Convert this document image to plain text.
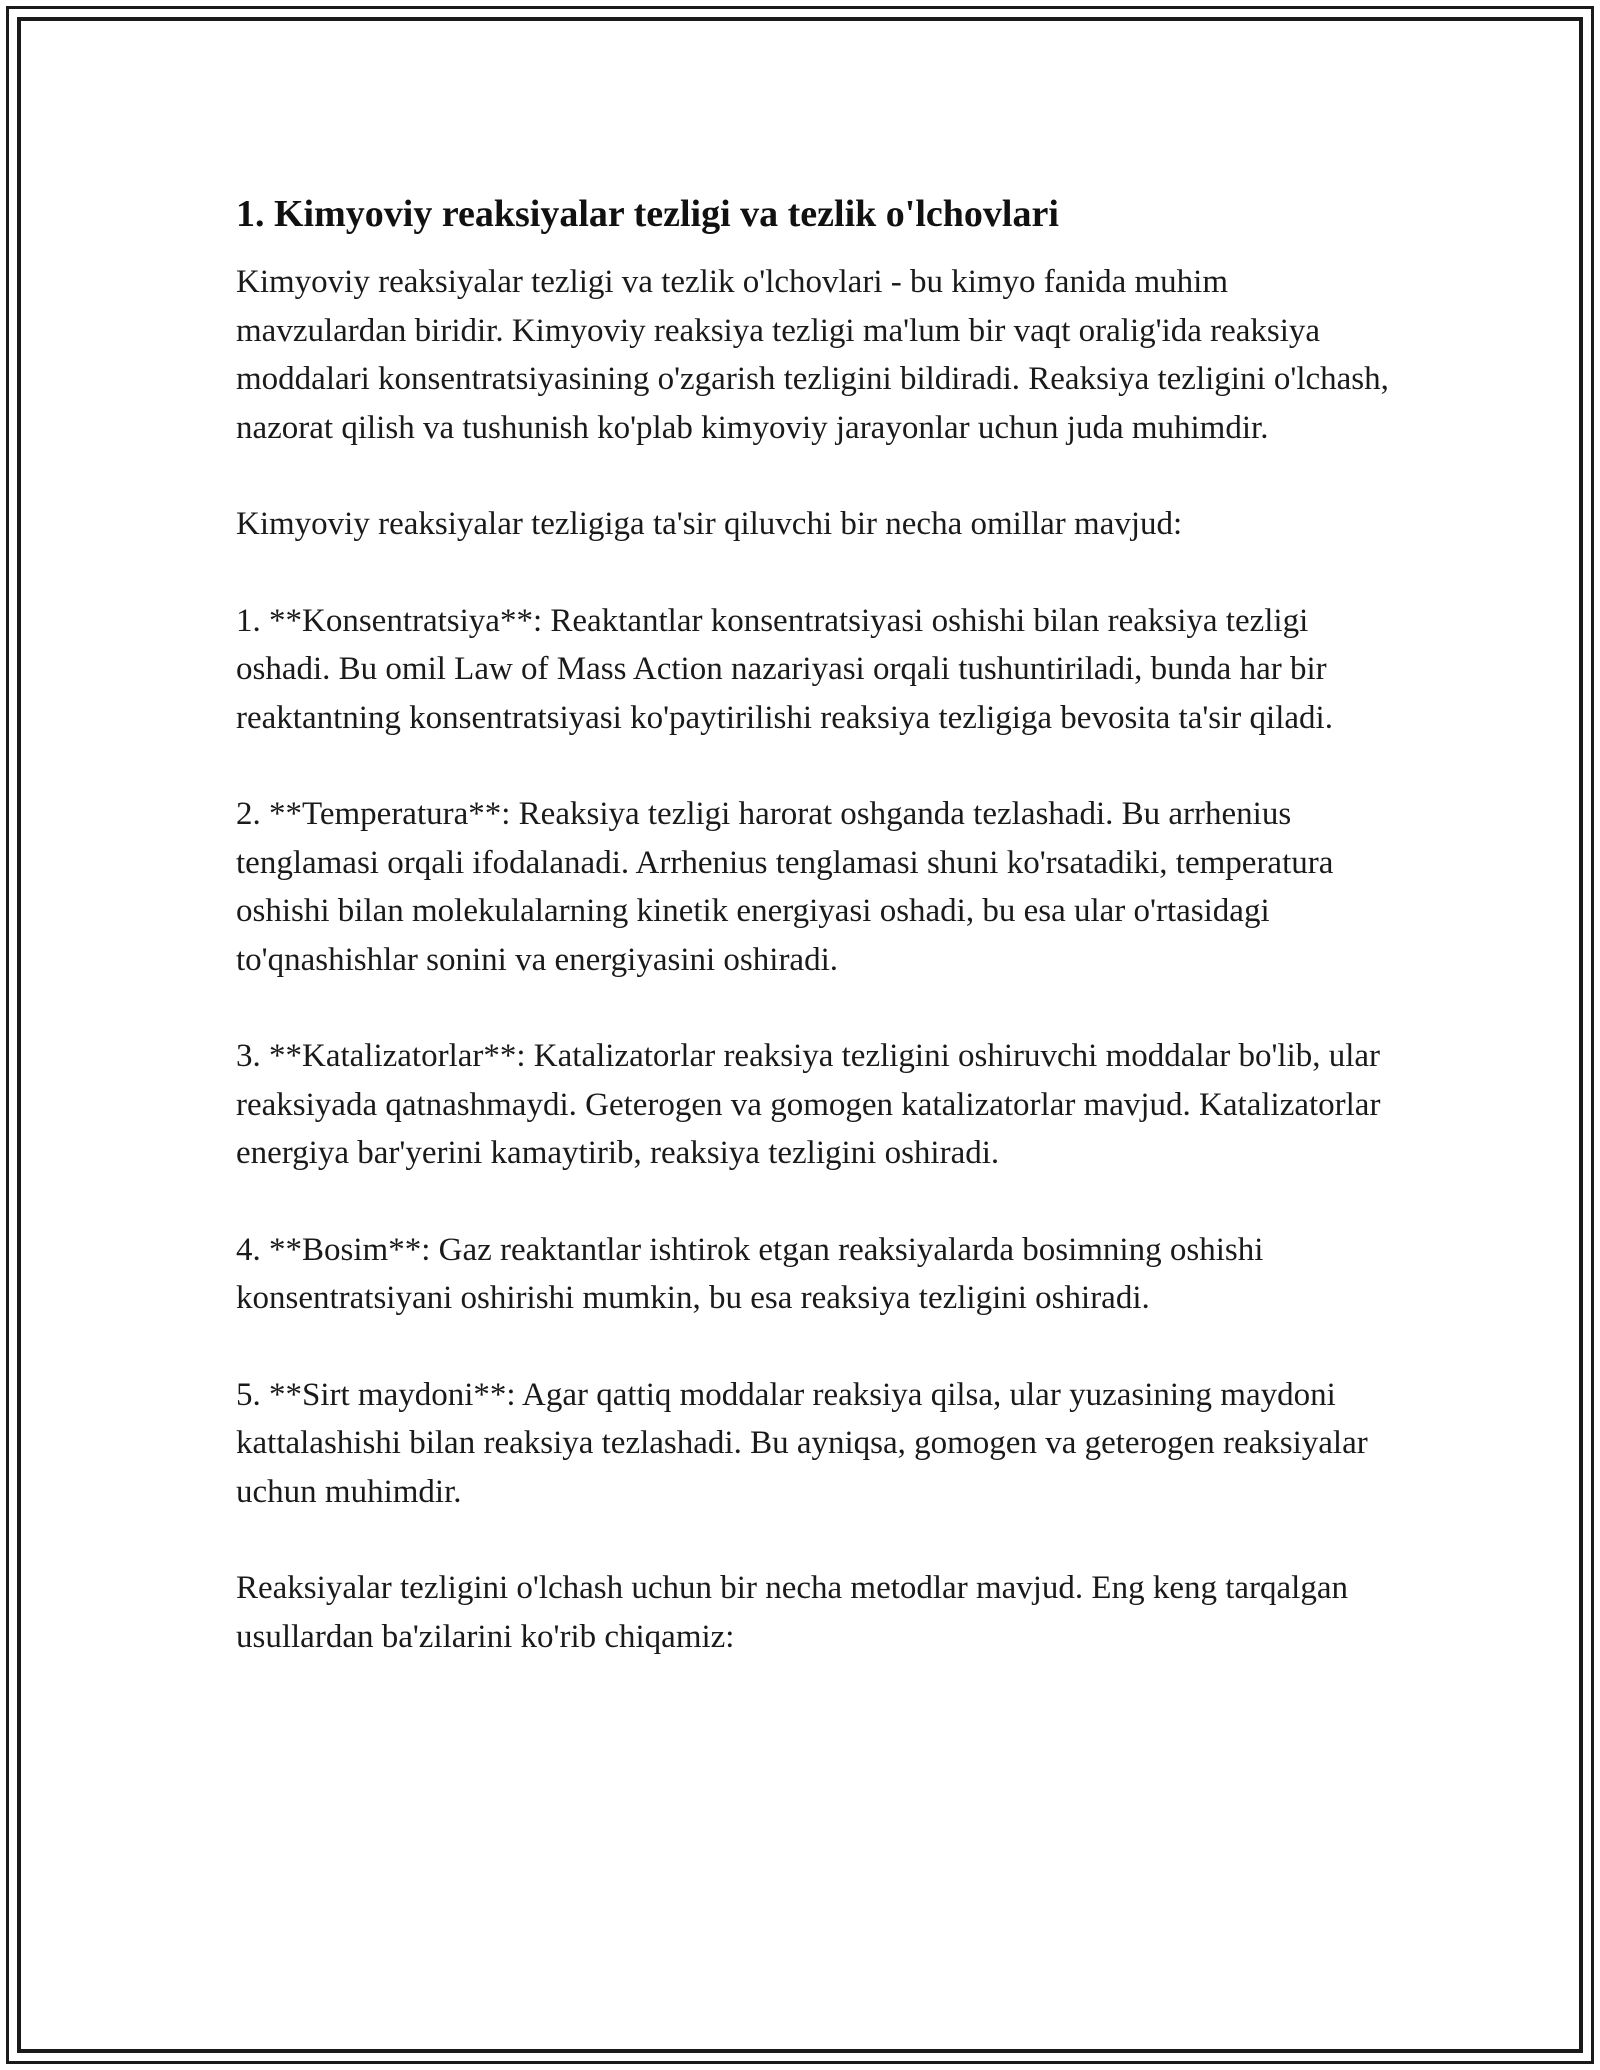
1. Kimyoviy reaksiyalar tezligi va tezlik o'lchovlari

Kimyoviy reaksiyalar tezligi va tezlik o'lchovlari - bu kimyo fanida muhim mavzulardan biridir. Kimyoviy reaksiya tezligi ma'lum bir vaqt oralig'ida reaksiya moddalari konsentratsiyasining o'zgarish tezligini bildiradi. Reaksiya tezligini o'lchash, nazorat qilish va tushunish ko'plab kimyoviy jarayonlar uchun juda muhimdir.

Kimyoviy reaksiyalar tezligiga ta'sir qiluvchi bir necha omillar mavjud:

1. **Konsentratsiya**: Reaktantlar konsentratsiyasi oshishi bilan reaksiya tezligi oshadi. Bu omil Law of Mass Action nazariyasi orqali tushuntiriladi, bunda har bir reaktantning konsentratsiyasi ko'paytirilishi reaksiya tezligiga bevosita ta'sir qiladi.

2. **Temperatura**: Reaksiya tezligi harorat oshganda tezlashadi. Bu arrhenius tenglamasi orqali ifodalanadi. Arrhenius tenglamasi shuni ko'rsatadiki, temperatura oshishi bilan molekulalarning kinetik energiyasi oshadi, bu esa ular o'rtasidagi to'qnashishlar sonini va energiyasini oshiradi.

3. **Katalizatorlar**: Katalizatorlar reaksiya tezligini oshiruvchi moddalar bo'lib, ular reaksiyada qatnashmaydi. Geterogen va gomogen katalizatorlar mavjud. Katalizatorlar energiya bar'yerini kamaytirib, reaksiya tezligini oshiradi.

4. **Bosim**: Gaz reaktantlar ishtirok etgan reaksiyalarda bosimning oshishi konsentratsiyani oshirishi mumkin, bu esa reaksiya tezligini oshiradi.

5. **Sirt maydoni**: Agar qattiq moddalar reaksiya qilsa, ular yuzasining maydoni kattalashishi bilan reaksiya tezlashadi. Bu ayniqsa, gomogen va geterogen reaksiyalar uchun muhimdir.

Reaksiyalar tezligini o'lchash uchun bir necha metodlar mavjud. Eng keng tarqalgan usullardan ba'zilarini ko'rib chiqamiz:
